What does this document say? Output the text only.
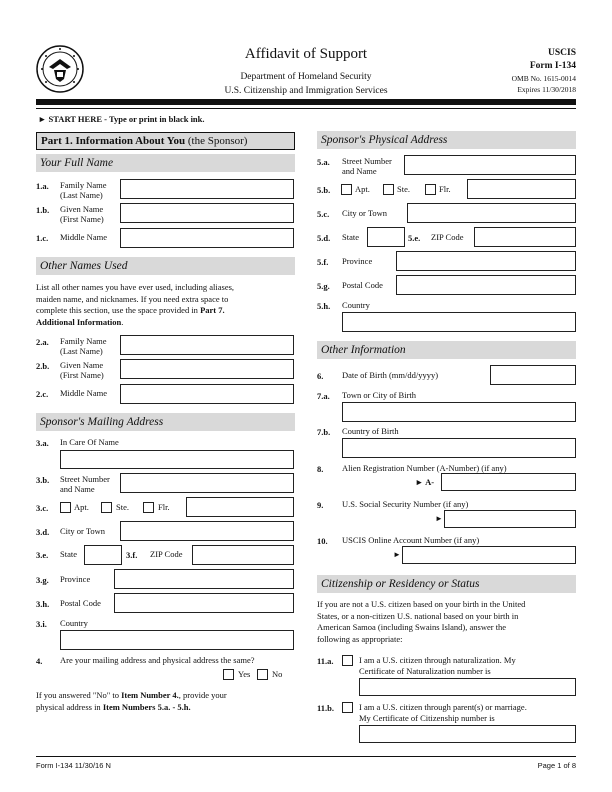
Affidavit of Support
Department of Homeland Security
U.S. Citizenship and Immigration Services
USCIS
Form I-134
OMB No. 1615-0014
Expires 11/30/2018
► START HERE - Type or print in black ink.
Part 1. Information About You (the Sponsor)
Your Full Name
1.a. Family Name (Last Name)
1.b. Given Name (First Name)
1.c. Middle Name
Other Names Used
List all other names you have ever used, including aliases,
maiden name, and nicknames. If you need extra space to
complete this section, use the space provided in Part 7.
Additional Information.
2.a. Family Name (Last Name)
2.b. Given Name (First Name)
2.c. Middle Name
Sponsor's Mailing Address
3.a. In Care Of Name
3.b. Street Number and Name
3.c.	Apt.	Ste.	Flr.
3.d. City or Town
3.e. State	3.f. ZIP Code
3.g. Province
3.h. Postal Code
3.i. Country
4. Are your mailing address and physical address the same?
Yes	No
If you answered "No" to Item Number 4., provide your
physical address in Item Numbers 5.a. - 5.h.
Sponsor's Physical Address
5.a. Street Number and Name
5.b.	Apt.	Ste.	Flr.
5.c. City or Town
5.d. State	5.e. ZIP Code
5.f. Province
5.g. Postal Code
5.h. Country
Other Information
6. Date of Birth (mm/dd/yyyy)
7.a. Town or City of Birth
7.b. Country of Birth
8. Alien Registration Number (A-Number) (if any)
► A-
9. U.S. Social Security Number (if any)
►
10. USCIS Online Account Number (if any)
►
Citizenship or Residency or Status
If you are not a U.S. citizen based on your birth in the United
States, or a non-citizen U.S. national based on your birth in
American Samoa (including Swains Island), answer the
following as appropriate:
11.a.	I am a U.S. citizen through naturalization. My
Certificate of Naturalization number is
11.b.	I am a U.S. citizen through parent(s) or marriage.
My Certificate of Citizenship number is
Form I-134 11/30/16 N	Page 1 of 8
